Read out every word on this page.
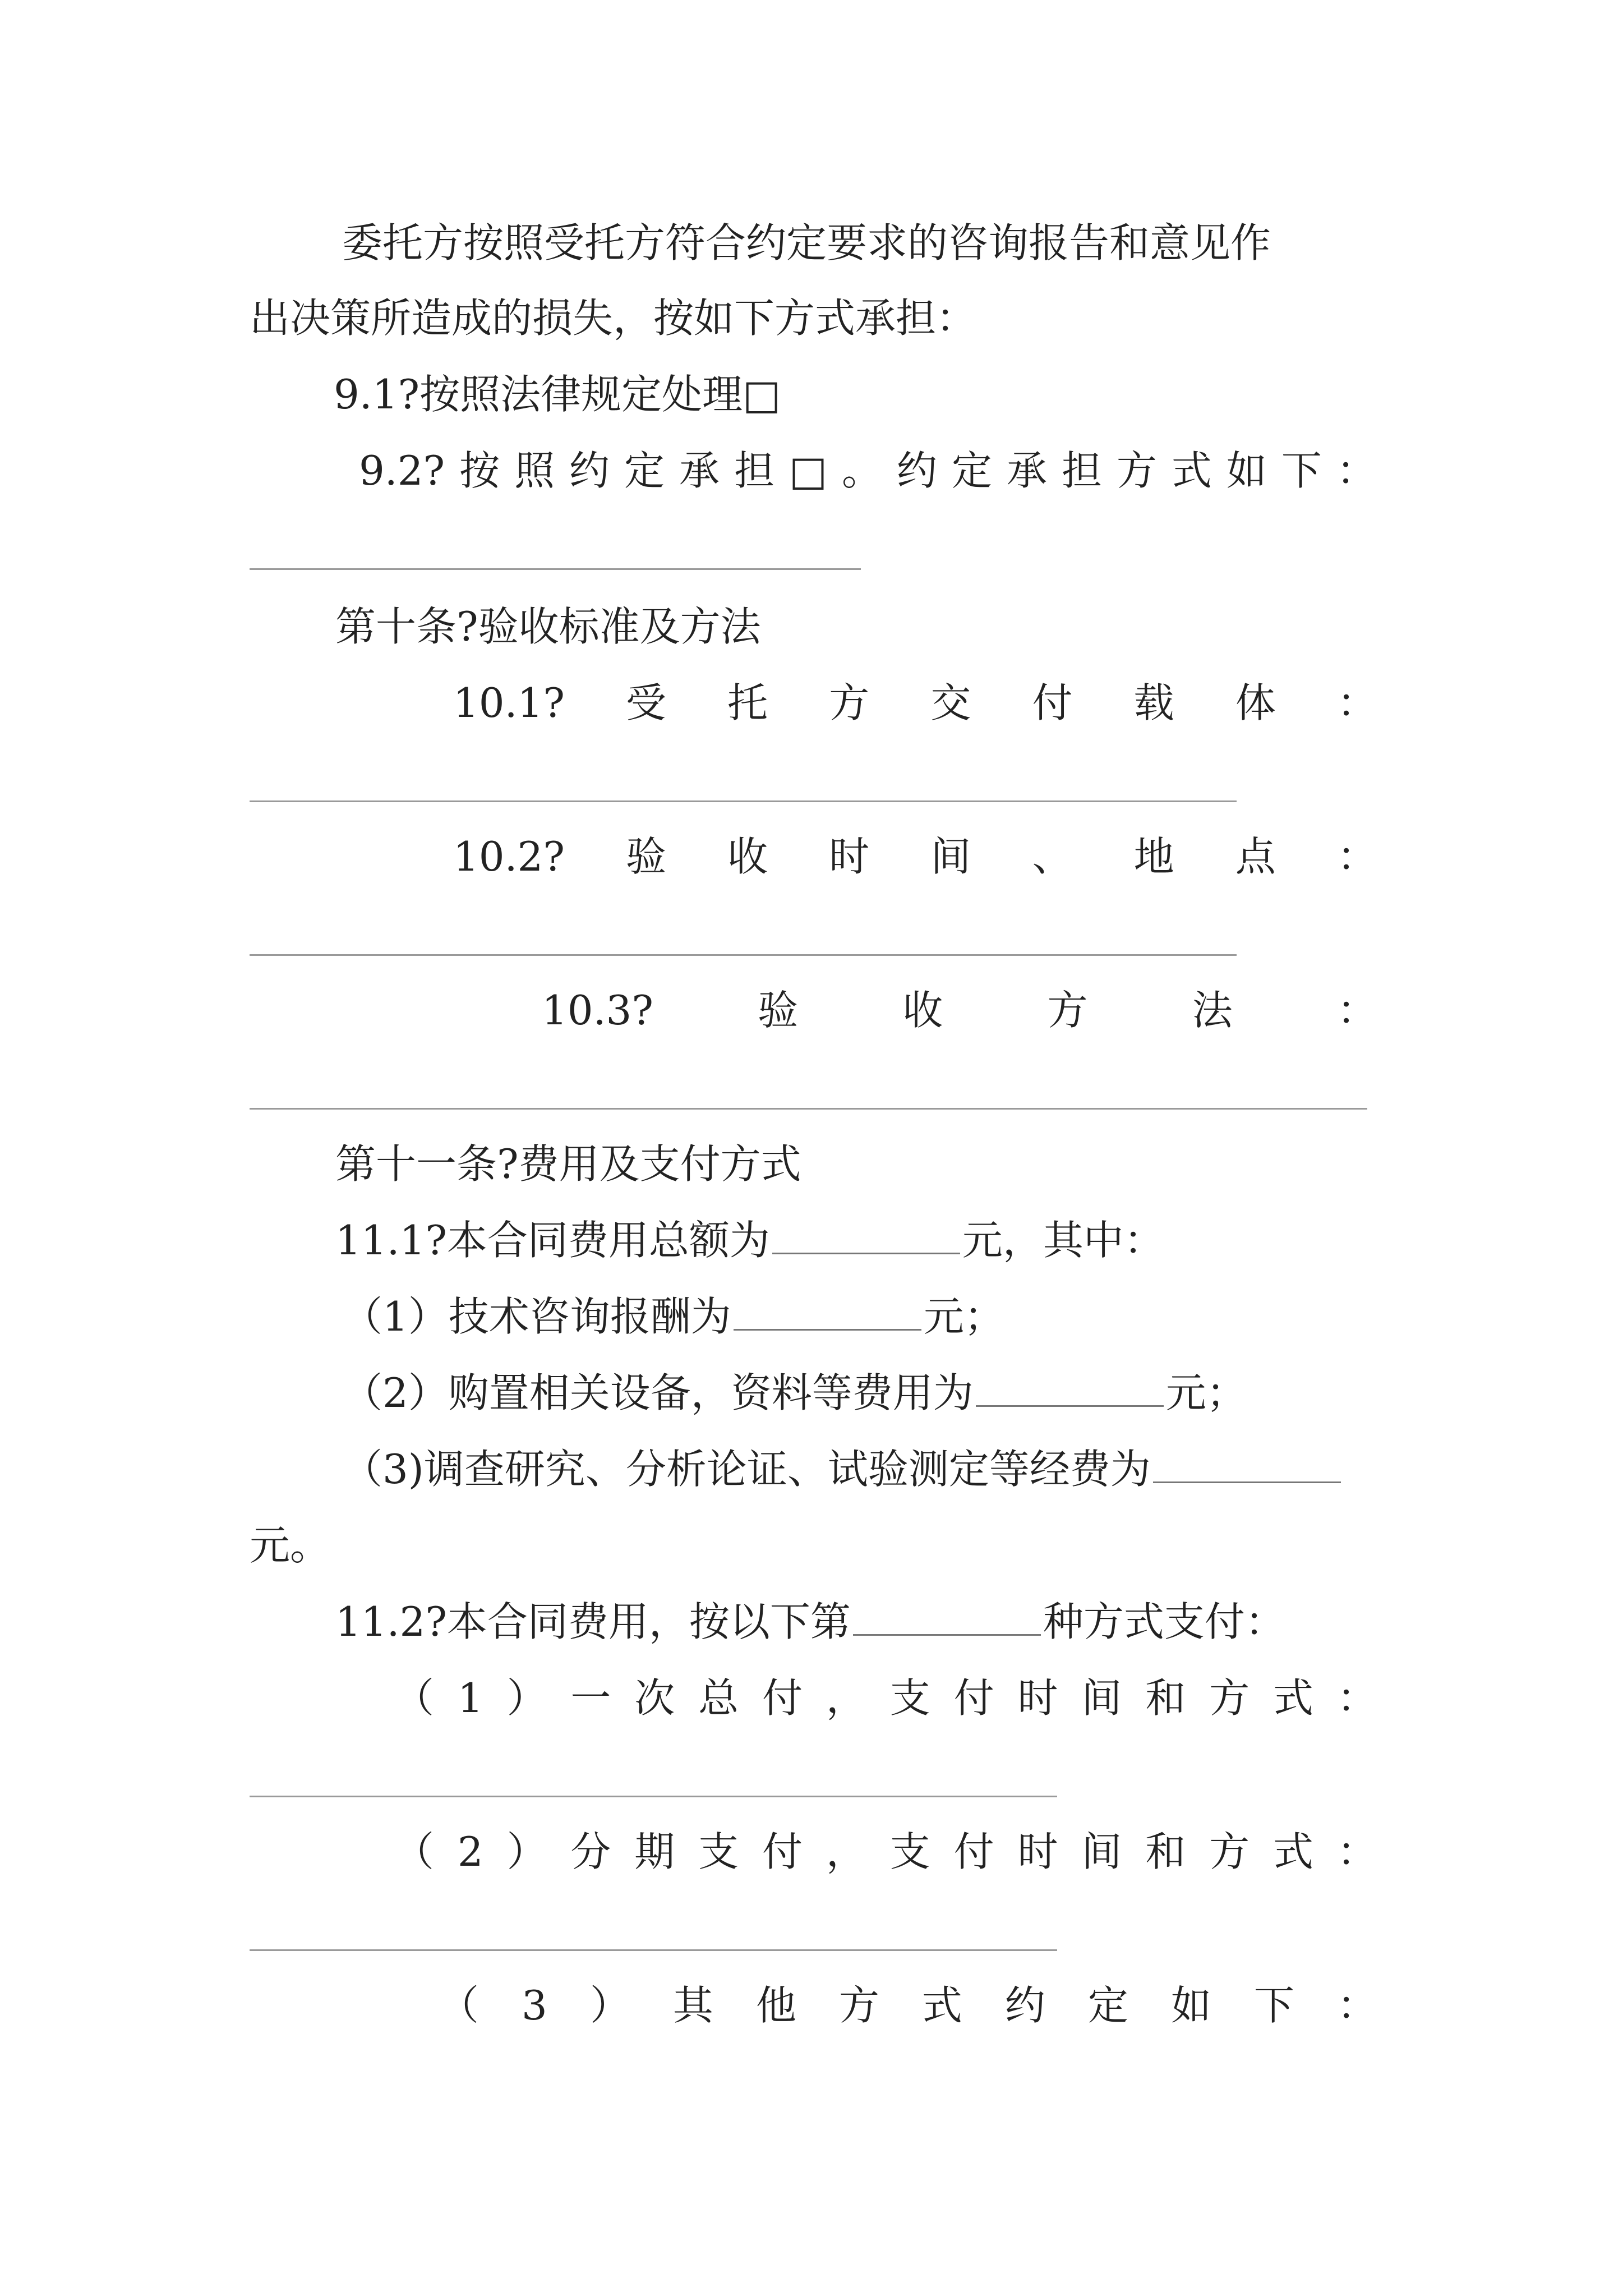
委托方按照受托方符合约定要求的咨询报告和意见作
出决策所造成的损失，按如下方式承担：
9.1?按照法律规定处理□
9.2? 按 照 约 定 承 担 □ 。 约 定 承 担 方 式 如 下 ：
第十条?验收标准及方法
10.1? 受 托 方 交 付 载 体 ：
10.2? 验 收 时 间 、 地 点 ：
10.3?	验	收	方	法	：
第十一条?费用及支付方式
11.1?本合同费用总额为	元，其中：
（1）技术咨询报酬为	元；
（2）购置相关设备，资料等费用为	元；
（3)调查研究、分析论证、试验测定等经费为
元。
11.2?本合同费用，按以下第	种方式支付：
（ 1 ） 一 次 总 付 ， 支 付 时 间 和 方 式 ：
（ 2 ） 分 期 支 付 ， 支 付 时 间 和 方 式 ：
（ 3 ） 其 他 方 式 约 定 如 下 ：
